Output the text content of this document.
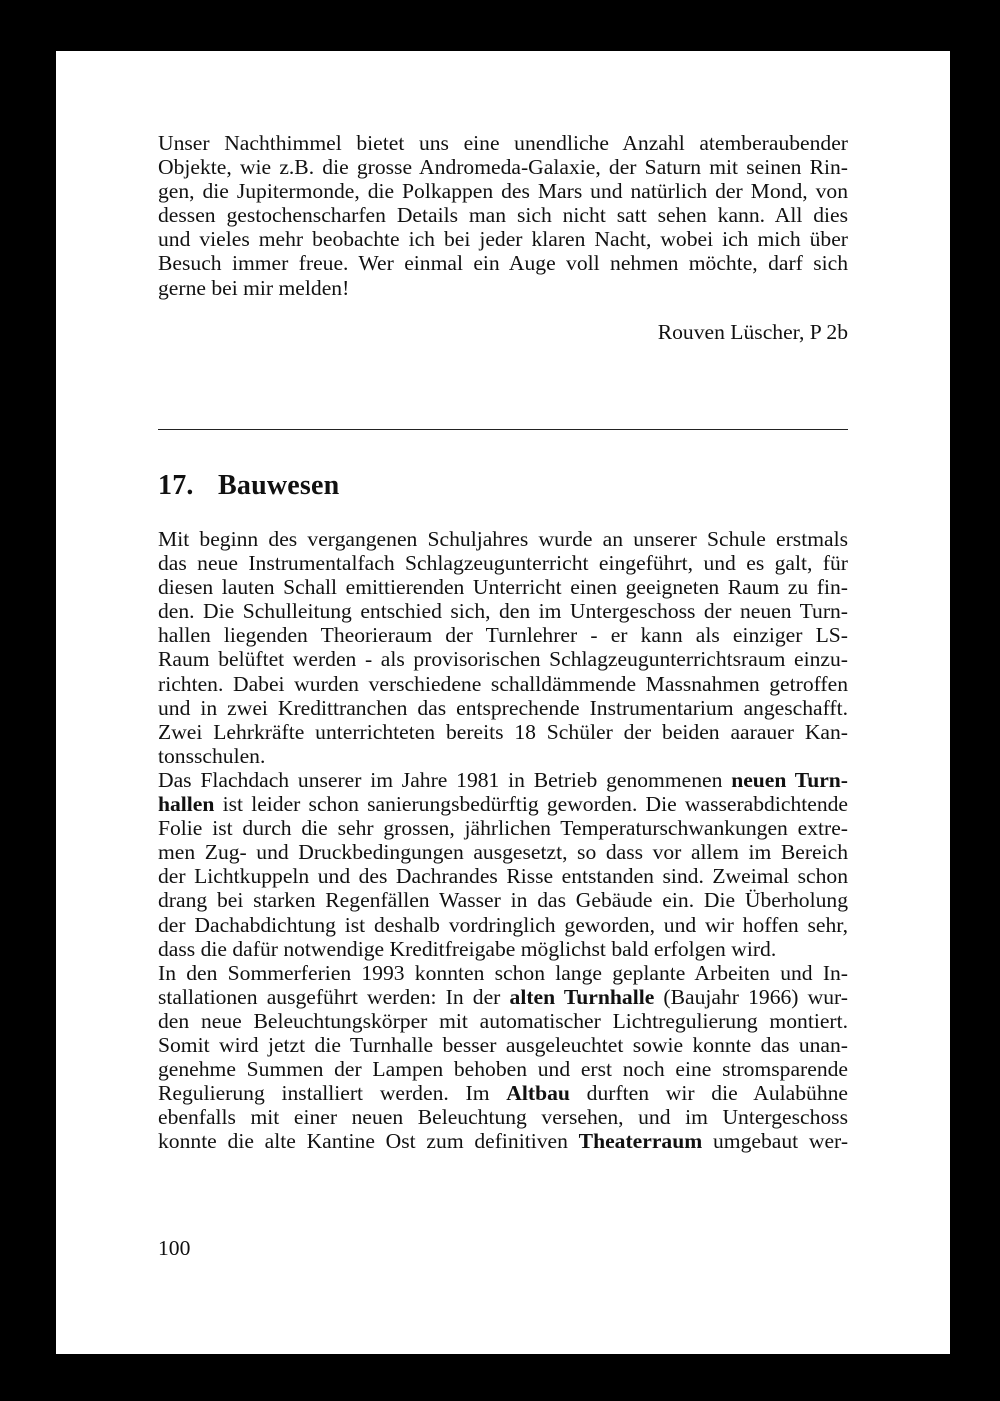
Unser Nachthimmel bietet uns eine unendliche Anzahl atemberaubender
Objekte, wie z.B. die grosse Andromeda-Galaxie, der Saturn mit seinen Rin-
gen, die Jupitermonde, die Polkappen des Mars und natürlich der Mond, von
dessen gestochenscharfen Details man sich nicht satt sehen kann. All dies
und vieles mehr beobachte ich bei jeder klaren Nacht, wobei ich mich über
Besuch immer freue. Wer einmal ein Auge voll nehmen möchte, darf sich
gerne bei mir melden!

Rouven Lüscher, P 2b
17. Bauwesen

Mit beginn des vergangenen Schuljahres wurde an unserer Schule erstmals
das neue Instrumentalfach Schlagzeugunterricht eingeführt, und es galt, für
diesen lauten Schall emittierenden Unterricht einen geeigneten Raum zu fin-
den. Die Schulleitung entschied sich, den im Untergeschoss der neuen Turn-
hallen liegenden Theorieraum der Turnlehrer - er kann als einziger LS-
Raum belüftet werden - als provisorischen Schlagzeugunterrichtsraum einzu-
richten. Dabei wurden verschiedene schalldämmende Massnahmen getroffen
und in zwei Kredittranchen das entsprechende Instrumentarium angeschafft.
Zwei Lehrkräfte unterrichteten bereits 18 Schüler der beiden aarauer Kan-
tonsschulen.

Das Flachdach unserer im Jahre 1981 in Betrieb genommenen neuen Turn-
hallen ist leider schon sanierungsbedürftig geworden. Die wasserabdichtende
Folie ist durch die sehr grossen, jährlichen Temperaturschwankungen extre-
men Zug- und Druckbedingungen ausgesetzt, so dass vor allem im Bereich
der Lichtkuppeln und des Dachrandes Risse entstanden sind. Zweimal schon
drang bei starken Regenfällen Wasser in das Gebäude ein. Die Überholung
der Dachabdichtung ist deshalb vordringlich geworden, und wir hoffen sehr,
dass die dafür notwendige Kreditfreigabe möglichst bald erfolgen wird.

In den Sommerferien 1993 konnten schon lange geplante Arbeiten und In-
stallationen ausgeführt werden: In der alten Turnhalle (Baujahr 1966) wur-
den neue Beleuchtungskörper mit automatischer Lichtregulierung montiert.
Somit wird jetzt die Turnhalle besser ausgeleuchtet sowie konnte das unan-
genehme Summen der Lampen behoben und erst noch eine stromsparende
Regulierung installiert werden. Im Altbau durften wir die Aulabühne
ebenfalls mit einer neuen Beleuchtung versehen, und im Untergeschoss
konnte die alte Kantine Ost zum definitiven Theaterraum umgebaut wer-

100
